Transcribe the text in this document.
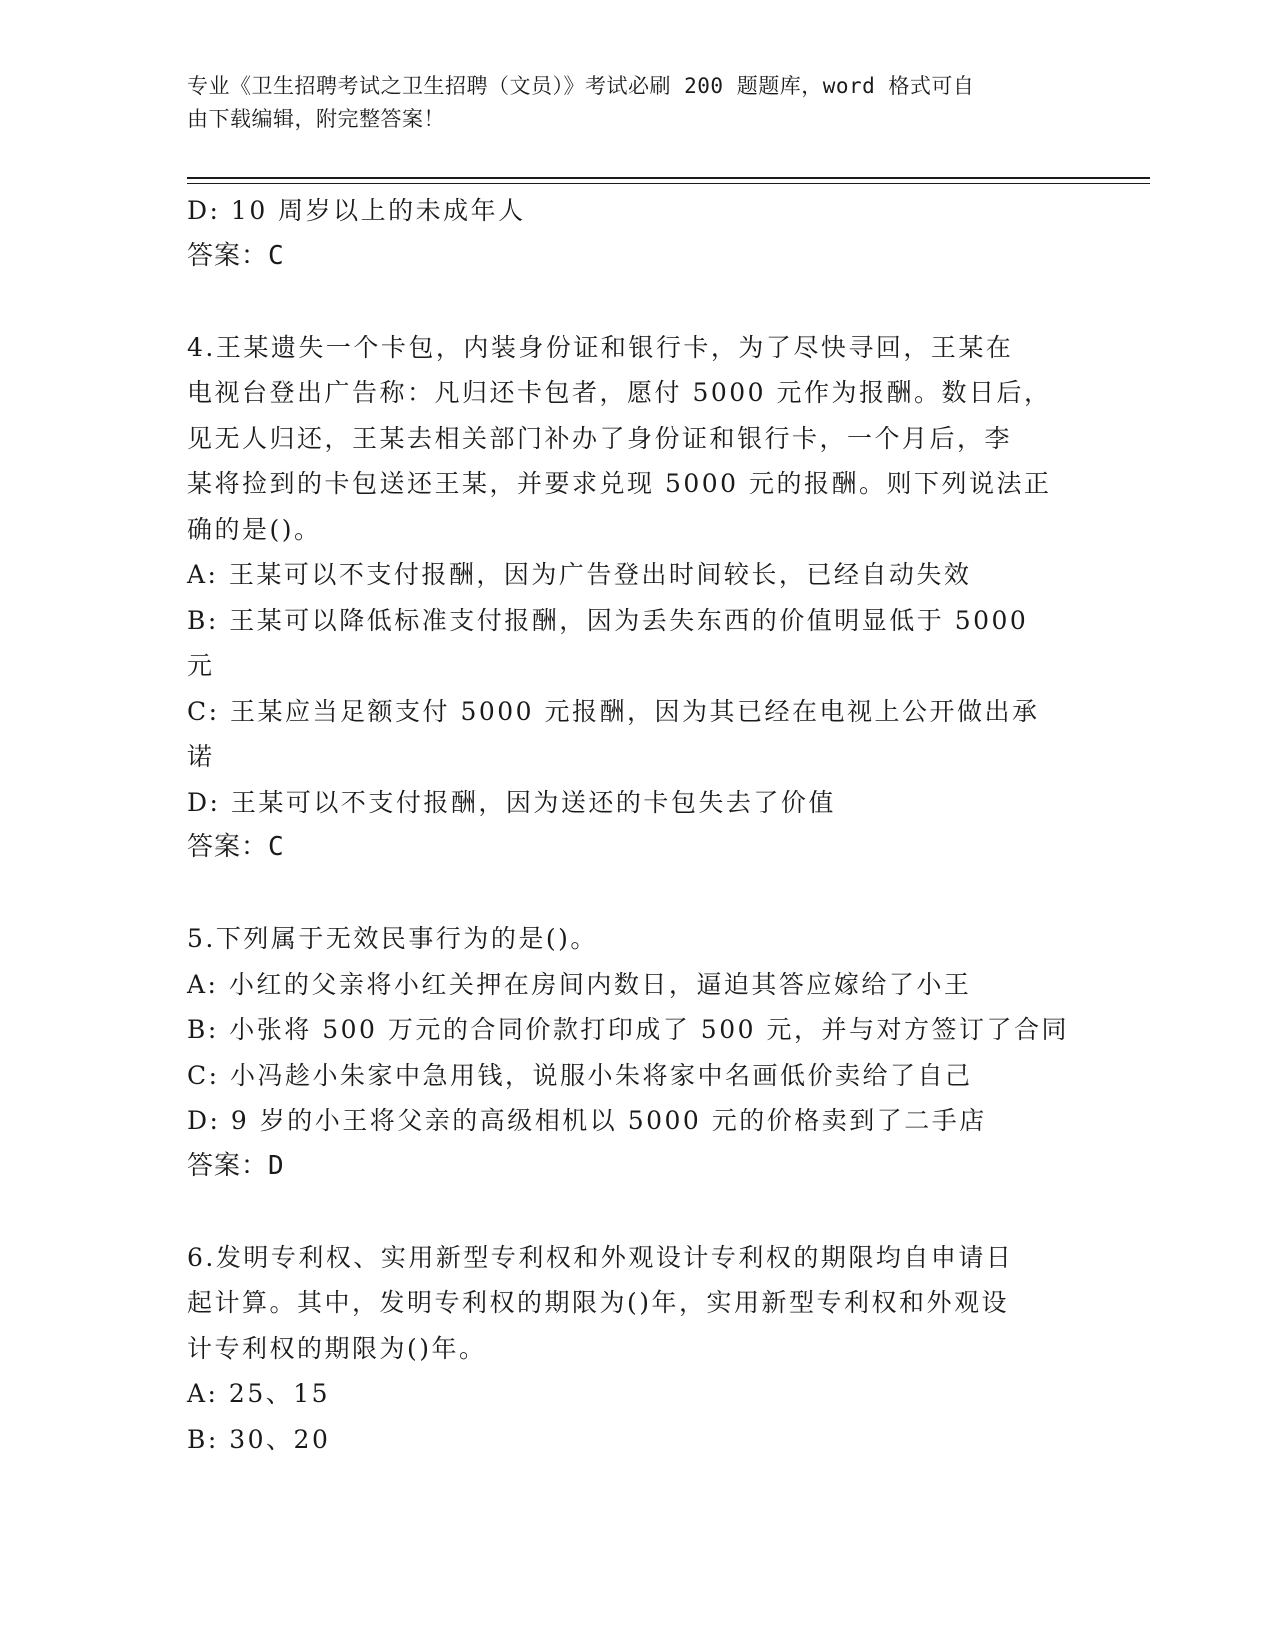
专业《卫生招聘考试之卫生招聘（文员）》考试必刷 200 题题库，word 格式可自
由下载编辑，附完整答案！
D: 10 周岁以上的未成年人
答案：C
4.王某遗失一个卡包，内装身份证和银行卡，为了尽快寻回，王某在
电视台登出广告称：凡归还卡包者，愿付 5000 元作为报酬。数日后，
见无人归还，王某去相关部门补办了身份证和银行卡，一个月后，李
某将捡到的卡包送还王某，并要求兑现 5000 元的报酬。则下列说法正
确的是()。
A: 王某可以不支付报酬，因为广告登出时间较长，已经自动失效
B: 王某可以降低标准支付报酬，因为丢失东西的价值明显低于 5000
元
C: 王某应当足额支付 5000 元报酬，因为其已经在电视上公开做出承
诺
D: 王某可以不支付报酬，因为送还的卡包失去了价值
答案：C
5.下列属于无效民事行为的是()。
A: 小红的父亲将小红关押在房间内数日，逼迫其答应嫁给了小王
B: 小张将 500 万元的合同价款打印成了 500 元，并与对方签订了合同
C: 小冯趁小朱家中急用钱，说服小朱将家中名画低价卖给了自己
D: 9 岁的小王将父亲的高级相机以 5000 元的价格卖到了二手店
答案：D
6.发明专利权、实用新型专利权和外观设计专利权的期限均自申请日
起计算。其中，发明专利权的期限为()年，实用新型专利权和外观设
计专利权的期限为()年。
A: 25、15
B: 30、20
